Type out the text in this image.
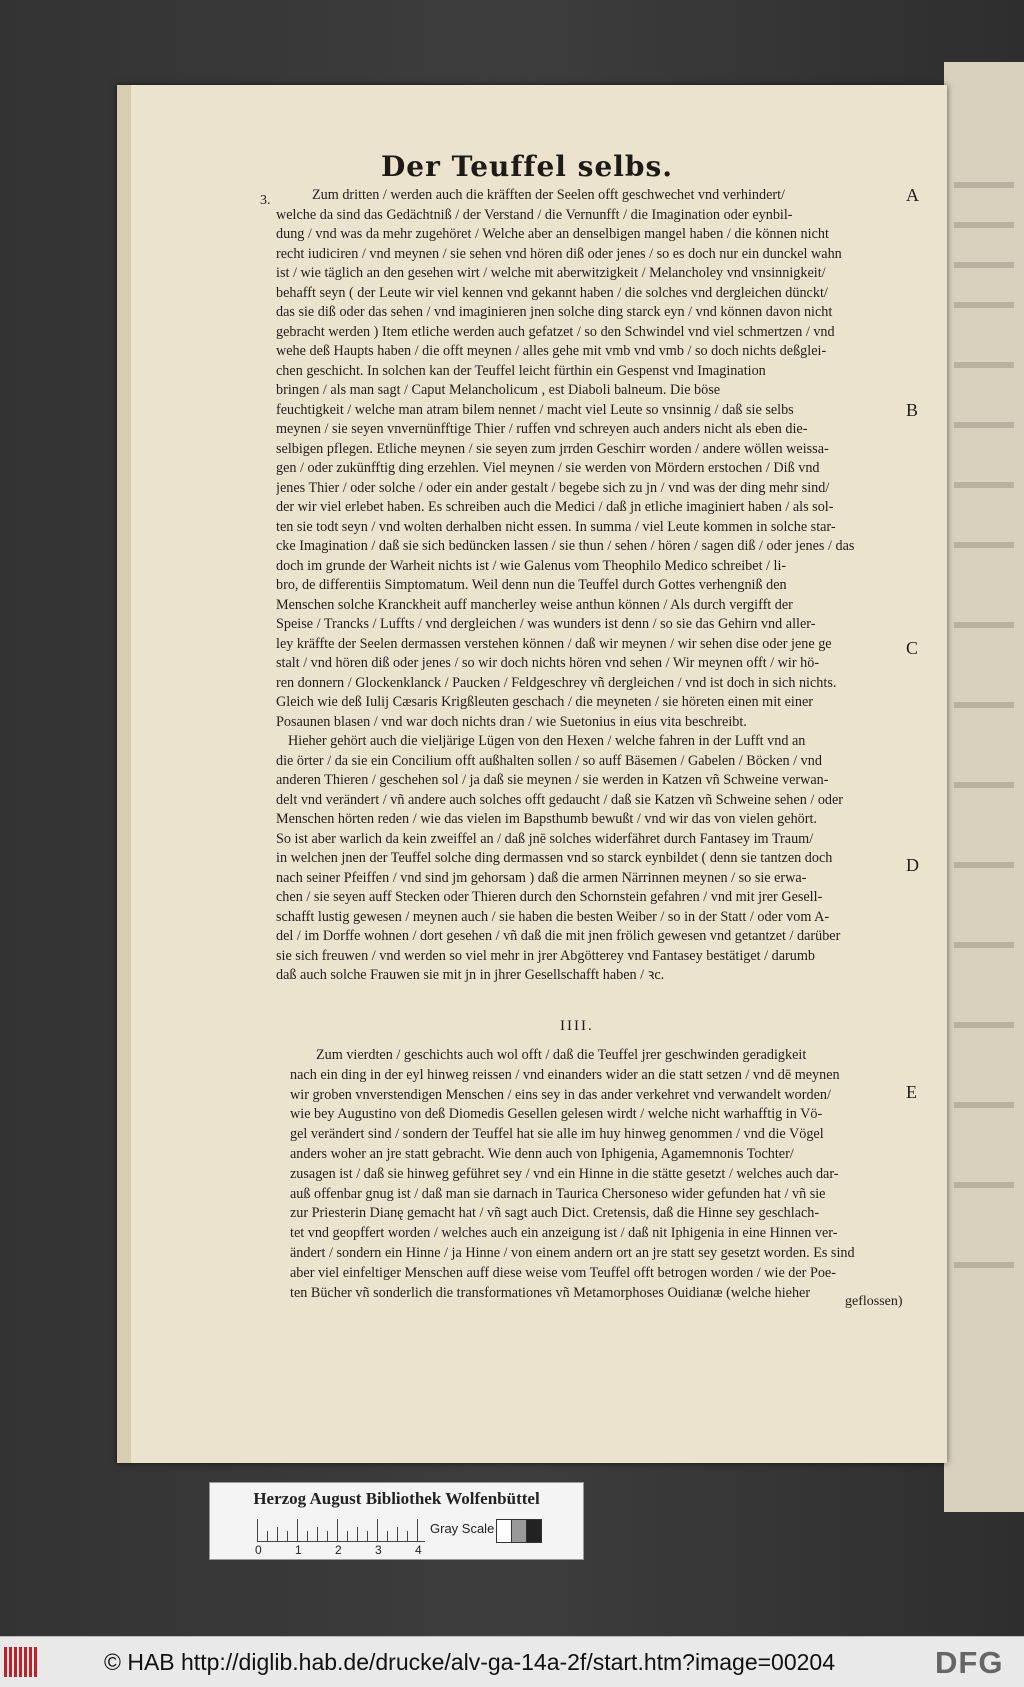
Der Teuffel selbs.
3.	A
B
C
D
E

Zum dritten / werden auch die kräfften der Seelen offt geschwechet vnd verhindert/

welche da sind das Gedächtniß / der Verstand / die Vernunfft / die Imagination oder eynbil-

dung / vnd was da mehr zugehöret / Welche aber an denselbigen mangel haben / die können nicht

recht iudiciren / vnd meynen / sie sehen vnd hören diß oder jenes / so es doch nur ein dunckel wahn

ist / wie täglich an den gesehen wirt / welche mit aberwitzigkeit / Melancholey vnd vnsinnigkeit/

behafft seyn ( der Leute wir viel kennen vnd gekannt haben / die solches vnd dergleichen dünckt/

das sie diß oder das sehen / vnd imaginieren jnen solche ding starck eyn / vnd können davon nicht

gebracht werden ) Item etliche werden auch gefatzet / so den Schwindel vnd viel schmertzen / vnd

wehe deß Haupts haben / die offt meynen / alles gehe mit vmb vnd vmb / so doch nichts deßglei-

chen geschicht. In solchen kan der Teuffel leicht fürthin ein Gespenst vnd Imagination

bringen / als man sagt / Caput Melancholicum , est Diaboli balneum. Die böse

feuchtigkeit / welche man atram bilem nennet / macht viel Leute so vnsinnig / daß sie selbs

meynen / sie seyen vnvernünfftige Thier / ruffen vnd schreyen auch anders nicht als eben die-

selbigen pflegen. Etliche meynen / sie seyen zum jrrden Geschirr worden / andere wöllen weissa-

gen / oder zukünfftig ding erzehlen. Viel meynen / sie werden von Mördern erstochen / Diß vnd

jenes Thier / oder solche / oder ein ander gestalt / begebe sich zu jn / vnd was der ding mehr sind/

der wir viel erlebet haben. Es schreiben auch die Medici / daß jn etliche imaginiert haben / als sol-

ten sie todt seyn / vnd wolten derhalben nicht essen. In summa / viel Leute kommen in solche star-

cke Imagination / daß sie sich bedüncken lassen / sie thun / sehen / hören / sagen diß / oder jenes / das

doch im grunde der Warheit nichts ist / wie Galenus vom Theophilo Medico schreibet / li-

bro, de differentiis Simptomatum. Weil denn nun die Teuffel durch Gottes verhengniß den

Menschen solche Kranckheit auff mancherley weise anthun können / Als durch vergifft der

Speise / Trancks / Luffts / vnd dergleichen / was wunders ist denn / so sie das Gehirn vnd aller-

ley kräffte der Seelen dermassen verstehen können / daß wir meynen / wir sehen dise oder jene ge

stalt / vnd hören diß oder jenes / so wir doch nichts hören vnd sehen / Wir meynen offt / wir hö-

ren donnern / Glockenklanck / Paucken / Feldgeschrey vñ dergleichen / vnd ist doch in sich nichts.

Gleich wie deß Iulij Cæsaris Krigßleuten geschach / die meyneten / sie höreten einen mit einer

Posaunen blasen / vnd war doch nichts dran / wie Suetonius in eius vita beschreibt.

Hieher gehört auch die vieljärige Lügen von den Hexen / welche fahren in der Lufft vnd an

die örter / da sie ein Concilium offt außhalten sollen / so auff Bäsemen / Gabelen / Böcken / vnd

anderen Thieren / geschehen sol / ja daß sie meynen / sie werden in Katzen vñ Schweine verwan-

delt vnd verändert / vñ andere auch solches offt gedaucht / daß sie Katzen vñ Schweine sehen / oder

Menschen hörten reden / wie das vielen im Bapsthumb bewußt / vnd wir das von vielen gehört.

So ist aber warlich da kein zweiffel an / daß jnē solches widerfähret durch Fantasey im Traum/

in welchen jnen der Teuffel solche ding dermassen vnd so starck eynbildet ( denn sie tantzen doch

nach seiner Pfeiffen / vnd sind jm gehorsam ) daß die armen Närrinnen meynen / so sie erwa-

chen / sie seyen auff Stecken oder Thieren durch den Schornstein gefahren / vnd mit jrer Gesell-

schafft lustig gewesen / meynen auch / sie haben die besten Weiber / so in der Statt / oder vom A-

del / im Dorffe wohnen / dort gesehen / vñ daß die mit jnen frölich gewesen vnd getantzet / darüber

sie sich freuwen / vnd werden so viel mehr in jrer Abgötterey vnd Fantasey bestätiget / darumb

daß auch solche Frauwen sie mit jn in jhrer Gesellschafft haben / ꝛc.

IIII.

Zum vierdten / geschichts auch wol offt / daß die Teuffel jrer geschwinden geradigkeit

nach ein ding in der eyl hinweg reissen / vnd einanders wider an die statt setzen / vnd dē meynen

wir groben vnverstendigen Menschen / eins sey in das ander verkehret vnd verwandelt worden/

wie bey Augustino von deß Diomedis Gesellen gelesen wirdt / welche nicht warhafftig in Vö-

gel verändert sind / sondern der Teuffel hat sie alle im huy hinweg genommen / vnd die Vögel

anders woher an jre statt gebracht. Wie denn auch von Iphigenia, Agamemnonis Tochter/

zusagen ist / daß sie hinweg geführet sey / vnd ein Hinne in die stätte gesetzt / welches auch dar-

auß offenbar gnug ist / daß man sie darnach in Taurica Chersoneso wider gefunden hat / vñ sie

zur Priesterin Dianę gemacht hat / vñ sagt auch Dict. Cretensis, daß die Hinne sey geschlach-

tet vnd geopffert worden / welches auch ein anzeigung ist / daß nit Iphigenia in eine Hinnen ver-

ändert / sondern ein Hinne / ja Hinne / von einem andern ort an jre statt sey gesetzt worden. Es sind

aber viel einfeltiger Menschen auff diese weise vom Teuffel offt betrogen worden / wie der Poe-

ten Bücher vñ sonderlich die transformationes vñ Metamorphoses Ouidianæ (welche hieher

geflossen)
Herzog August Bibliothek Wolfenbüttel
0	1	2	3	4
Gray Scale
© HAB http://diglib.hab.de/drucke/alv-ga-14a-2f/start.htm?image=00204	DFG
